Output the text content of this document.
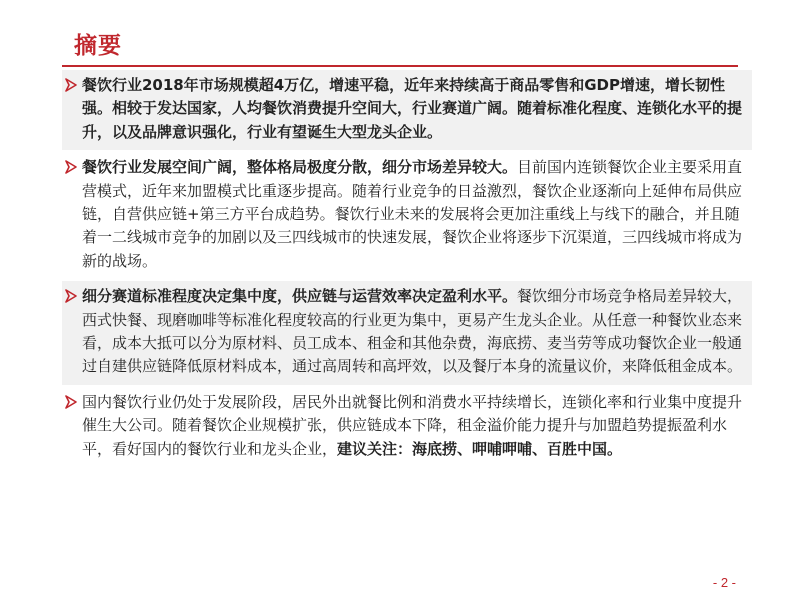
摘要
餐饮行业2018年市场规模超4万亿，增速平稳，近年来持续高于商品零售和GDP增速，增长韧性强。相较于发达国家，人均餐饮消费提升空间大，行业赛道广阔。随着标准化程度、连锁化水平的提升，以及品牌意识强化，行业有望诞生大型龙头企业。
餐饮行业发展空间广阔，整体格局极度分散，细分市场差异较大。目前国内连锁餐饮企业主要采用直营模式，近年来加盟模式比重逐步提高。随着行业竞争的日益激烈，餐饮企业逐渐向上延伸布局供应链，自营供应链+第三方平台成趋势。餐饮行业未来的发展将会更加注重线上与线下的融合，并且随着一二线城市竞争的加剧以及三四线城市的快速发展，餐饮企业将逐步下沉渠道，三四线城市将成为新的战场。
细分赛道标准程度决定集中度，供应链与运营效率决定盈利水平。餐饮细分市场竞争格局差异较大，西式快餐、现磨咖啡等标准化程度较高的行业更为集中，更易产生龙头企业。从任意一种餐饮业态来看，成本大抵可以分为原材料、员工成本、租金和其他杂费，海底捞、麦当劳等成功餐饮企业一般通过自建供应链降低原材料成本，通过高周转和高坪效，以及餐厅本身的流量议价，来降低租金成本。
国内餐饮行业仍处于发展阶段，居民外出就餐比例和消费水平持续增长，连锁化率和行业集中度提升催生大公司。随着餐饮企业规模扩张，供应链成本下降，租金溢价能力提升与加盟趋势提振盈利水平，看好国内的餐饮行业和龙头企业，建议关注：海底捞、呷哺呷哺、百胜中国。
- 2 -
